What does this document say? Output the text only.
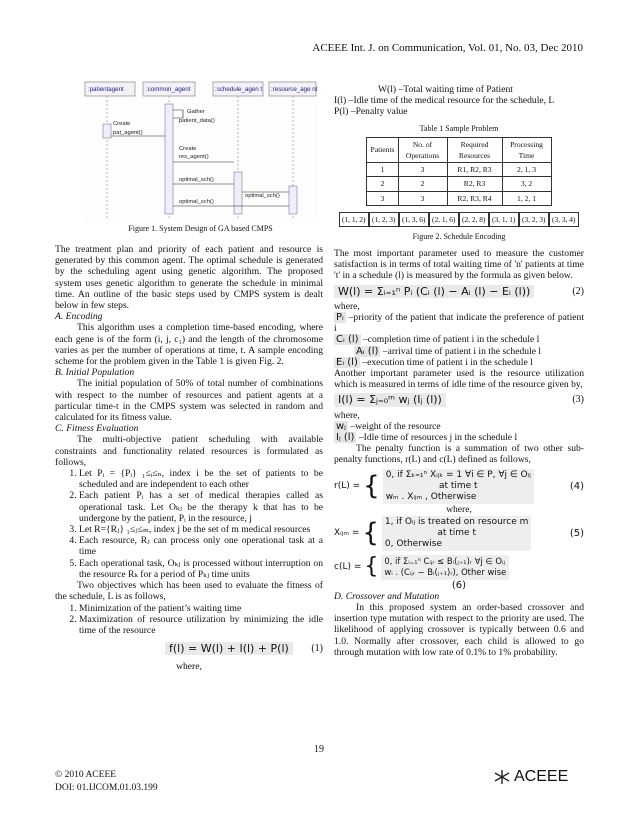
ACEEE Int. J. on Communication, Vol. 01, No. 03, Dec 2010
:patientagent	:common_agent	:schedule_agen t :resource_age nt
Gather
patient_data()
Create
pat_agent()
Create
res_agent()
optimal_sch()
optimal_sch()
optimal_sch()
Figure 1. System Design of GA based CMPS

The treatment plan and priority of each patient and resource is generated by this common agent. The optimal schedule is generated by the scheduling agent using genetic algorithm. The proposed system uses genetic algorithm to generate the schedule in minimal time. An outline of the basic steps used by CMPS system is dealt below in few steps.

A. Encoding

This algorithm uses a completion time-based encoding, where each gene is of the form (i, j, c₁) and the length of the chromosome varies as per the number of operations at time, t. A sample encoding scheme for the problem given in the Table 1 is given Fig. 2.

B. Initial Population

The initial population of 50% of total number of combinations with respect to the number of resources and patient agents at a particular time-t in the CMPS system was selected in random and calculated for its fitness value.

C. Fitness Evaluation

The multi-objective patient scheduling with available constraints and functionality related resources is formulated as follows,

1. Let Pᵢ = {Pᵢ} ₁≤ᵢ≤ₙ, index i be the set of patients to be scheduled and are independent to each other
2. Each patient Pᵢ has a set of medical therapies called as operational task. Let Oₖⱼ be the therapy k that has to be undergone by the patient, Pᵢ in the resource, j
3. Let R={Rⱼ} ₁≤ⱼ≤ₘ, index j be the set of m medical resources
4. Each resource, Rⱼ can process only one operational task at a time
5. Each operational task, Oₖⱼ is processed without interruption on the resource Rₖ for a period of Pₖⱼ time units

Two objectives which has been used to evaluate the fitness of the schedule, L is as follows,

1. Minimization of the patient’s waiting time
2. Maximization of resource utilization by minimizing the idle time of the resource
f(l) = W(l) + I(l) + P(l)	(1)

where,

W(l) –Total waiting time of Patient

I(l) –Idle time of the medical resource for the schedule, L

P(l) –Penalty value

Table 1 Sample Problem

Patients	No. of Operations	Required Resources	Processing Time
1	3	R1, R2, R3	2, 1, 3
2	2	R2, R3	3, 2
3	3	R2, R3, R4	1, 2, 1
(1, 1, 2) (1, 2, 3) (1, 3, 6) (2, 1, 6) (2, 2, 8) (3, 1, 1) (3, 2, 3) (3, 3, 4)

Figure 2. Schedule Encoding

The most important parameter used to measure the customer satisfaction is in terms of total waiting time of 'n' patients at time 't' in a schedule (l) is measured by the formula as given below.

W(l) = Σᵢ₌₁ⁿ Pᵢ (Cᵢ (l) − Aᵢ (l) − Eᵢ (l))	(2)

where,

Pᵢ –priority of the patient that indicate the preference of patient i

Cᵢ (l) –completion time of patient i in the schedule l

Aᵢ (l) –arrival time of patient i in the schedule l

Eᵢ (l) –execution time of patient i in the schedule l

Another important parameter used is the resource utilization which is measured in terms of idle time of the resource given by,

I(l) = Σⱼ₌₀ᵐ wⱼ (Iⱼ (l))	(3)

where,

wⱼ –weight of the resource

Iⱼ (l) –Idle time of resources j in the schedule l

The penalty function is a summation of two other sub-penalty functions, r(L) and c(L) defined as follows,

r(L) = { 0, if Σₖ₌₁ⁿ Xᵢⱼₖ = 1 ∀i ∈ P, ∀j ∈ Oᵢⱼ
at time t
wₘ . Xᵢⱼₘ , Otherwise
(4)

where,

Xᵢⱼₘ = { 1, if Oᵢⱼ is treated on resource m
at time t
0, Otherwise
(5)
c(L) = { 0, if Σᵢ₌₁ⁿ Cᵢⱼᵣ ≤ Bᵢ(ⱼ₊₁)ᵣ ∀j ∈ Oᵢⱼ
wᵢ . (Cᵢⱼᵣ − Bᵢ(ⱼ₊₁)ᵣ), Other wise
(6)

D. Crossover and Mutation

In this proposed system an order-based crossover and insertion type mutation with respect to the priority are used. The likelihood of applying crossover is typically between 0.6 and 1.0. Normally after crossover, each child is allowed to go through mutation with low rate of 0.1% to 1% probability.

19
© 2010 ACEEE
DOI: 01.IJCOM.01.03.199
ACEEE
